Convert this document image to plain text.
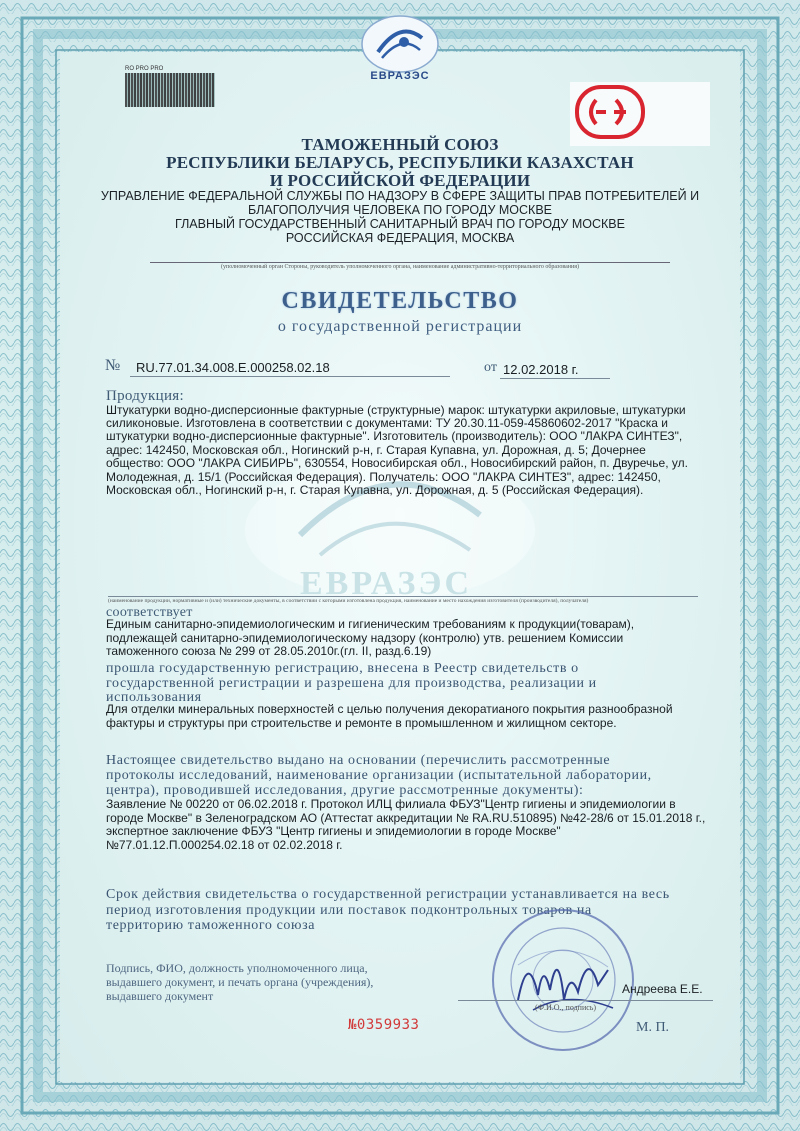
ЕВРАЗЭС
ЕВРАЗЭС
RO PRO PRO
ТАМОЖЕННЫЙ СОЮЗ
РЕСПУБЛИКИ БЕЛАРУСЬ, РЕСПУБЛИКИ КАЗАХСТАН
И РОССИЙСКОЙ ФЕДЕРАЦИИ
УПРАВЛЕНИЕ ФЕДЕРАЛЬНОЙ СЛУЖБЫ ПО НАДЗОРУ В СФЕРЕ ЗАЩИТЫ ПРАВ ПОТРЕБИТЕЛЕЙ И
БЛАГОПОЛУЧИЯ ЧЕЛОВЕКА ПО ГОРОДУ МОСКВЕ
ГЛАВНЫЙ ГОСУДАРСТВЕННЫЙ САНИТАРНЫЙ ВРАЧ ПО ГОРОДУ МОСКВЕ
РОССИЙСКАЯ ФЕДЕРАЦИЯ, МОСКВА
(уполномоченный орган Стороны, руководитель уполномоченного органа, наименование административно-территориального образования)
СВИДЕТЕЛЬСТВО
о государственной регистрации
№ RU.77.01.34.008.Е.000258.02.18	от 12.02.2018 г.
Продукция:
Штукатурки водно-дисперсионные фактурные (структурные) марок: штукатурки акриловые, штукатурки
силиконовые. Изготовлена в соответствии с документами: ТУ 20.30.11-059-45860602-2017 "Краска и
штукатурки водно-дисперсионные фактурные". Изготовитель (производитель): ООО "ЛАКРА СИНТЕЗ",
адрес: 142450, Московская обл., Ногинский р-н, г. Старая Купавна, ул. Дорожная, д. 5; Дочернее
общество: ООО "ЛАКРА СИБИРЬ", 630554, Новосибирская обл., Новосибирский район, п. Двуречье, ул.
Молодежная, д. 15/1 (Российская Федерация). Получатель: ООО "ЛАКРА СИНТЕЗ", адрес: 142450,
Московская обл., Ногинский р-н, г. Старая Купавна, ул. Дорожная, д. 5 (Российская Федерация).
(наименование продукции, нормативные и (или) технические документы, в соответствии с которыми изготовлена продукция, наименование и место нахождения изготовителя (производителя), получателя)
соответствует
Единым санитарно-эпидемиологическим и гигиеническим требованиям к продукции(товарам),
подлежащей санитарно-эпидемиологическому надзору (контролю) утв. решением Комиссии
таможенного союза № 299 от 28.05.2010г.(гл. II, разд.6.19)
прошла государственную регистрацию, внесена в Реестр свидетельств о
государственной регистрации и разрешена для производства, реализации и
использования
Для отделки минеральных поверхностей с целью получения декоратианого покрытия разнообразной
фактуры и структуры при строительстве и ремонте в промышленном и жилищном секторе.
Настоящее свидетельство выдано на основании (перечислить рассмотренные
протоколы исследований, наименование организации (испытательной лаборатории,
центра), проводившей исследования, другие рассмотренные документы):
Заявление № 00220 от 06.02.2018 г. Протокол ИЛЦ филиала ФБУЗ"Центр гигиены и эпидемиологии в
городе Москве" в Зеленоградском АО (Аттестат аккредитации № RA.RU.510895) №42-28/6 от 15.01.2018 г.,
экспертное заключение ФБУЗ "Центр гигиены и эпидемиологии в городе Москве"
№77.01.12.П.000254.02.18 от 02.02.2018 г.
Срок действия свидетельства о государственной регистрации устанавливается на весь
период изготовления продукции или поставок подконтрольных товаров на
территорию таможенного союза
Подпись, ФИО, должность уполномоченного лица,
выдавшего документ, и печать органа (учреждения),
выдавшего документ	Андреева Е.Е.
(Ф.И.О., подпись)
№0359933	М. П.
